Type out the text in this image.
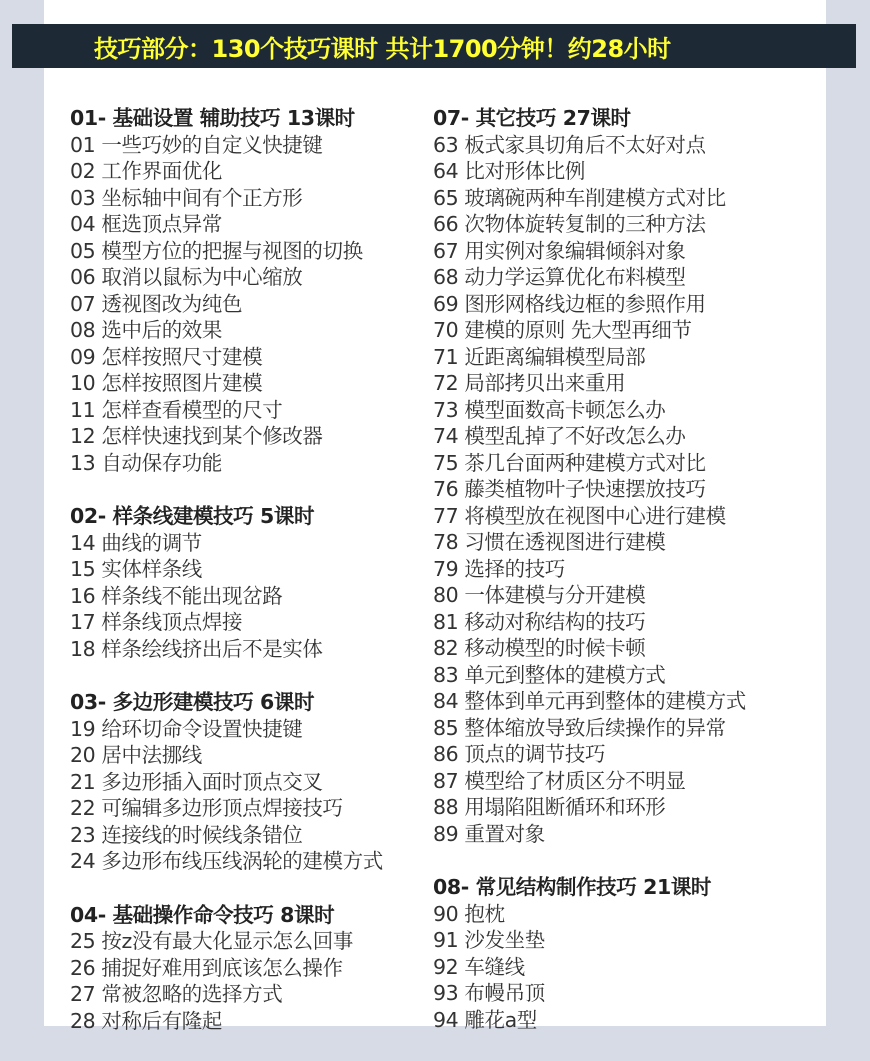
技巧部分：130个技巧课时 共计1700分钟！约28小时
01- 基础设置 辅助技巧 13课时
01 一些巧妙的自定义快捷键
02 工作界面优化
03 坐标轴中间有个正方形
04 框选顶点异常
05 模型方位的把握与视图的切换
06 取消以鼠标为中心缩放
07 透视图改为纯色
08 选中后的效果
09 怎样按照尺寸建模
10 怎样按照图片建模
11 怎样查看模型的尺寸
12 怎样快速找到某个修改器
13 自动保存功能
02- 样条线建模技巧 5课时
14 曲线的调节
15 实体样条线
16 样条线不能出现岔路
17 样条线顶点焊接
18 样条绘线挤出后不是实体
03- 多边形建模技巧 6课时
19 给环切命令设置快捷键
20 居中法挪线
21 多边形插入面时顶点交叉
22 可编辑多边形顶点焊接技巧
23 连接线的时候线条错位
24 多边形布线压线涡轮的建模方式
04- 基础操作命令技巧 8课时
25 按z没有最大化显示怎么回事
26 捕捉好难用到底该怎么操作
27 常被忽略的选择方式
28 对称后有隆起
07- 其它技巧 27课时
63 板式家具切角后不太好对点
64 比对形体比例
65 玻璃碗两种车削建模方式对比
66 次物体旋转复制的三种方法
67 用实例对象编辑倾斜对象
68 动力学运算优化布料模型
69 图形网格线边框的参照作用
70 建模的原则 先大型再细节
71 近距离编辑模型局部
72 局部拷贝出来重用
73 模型面数高卡顿怎么办
74 模型乱掉了不好改怎么办
75 茶几台面两种建模方式对比
76 藤类植物叶子快速摆放技巧
77 将模型放在视图中心进行建模
78 习惯在透视图进行建模
79 选择的技巧
80 一体建模与分开建模
81 移动对称结构的技巧
82 移动模型的时候卡顿
83 单元到整体的建模方式
84 整体到单元再到整体的建模方式
85 整体缩放导致后续操作的异常
86 顶点的调节技巧
87 模型给了材质区分不明显
88 用塌陷阻断循环和环形
89 重置对象
08- 常见结构制作技巧 21课时
90 抱枕
91 沙发坐垫
92 车缝线
93 布幔吊顶
94 雕花a型
